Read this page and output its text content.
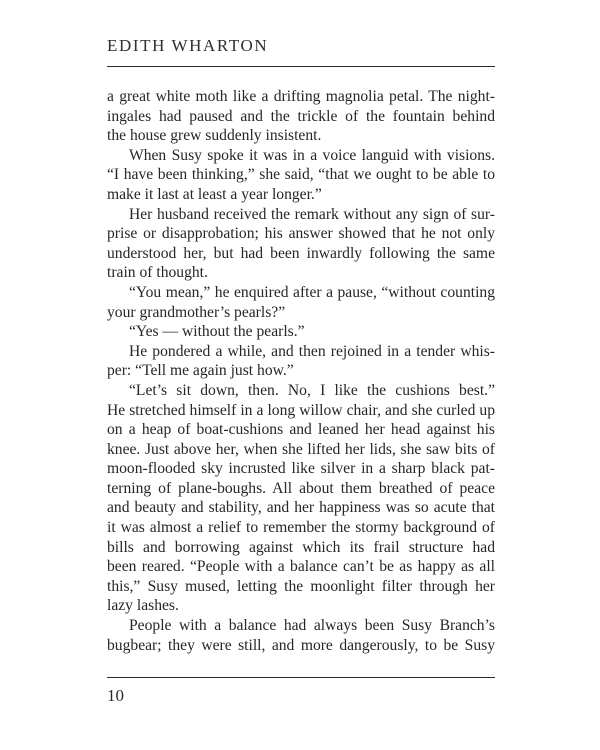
EDITH WHARTON

a great white moth like a drifting magnolia petal. The night-
ingales had paused and the trickle of the fountain behind
the house grew suddenly insistent.

When Susy spoke it was in a voice languid with visions.
“I have been thinking,” she said, “that we ought to be able to
make it last at least a year longer.”

Her husband received the remark without any sign of sur-
prise or disapprobation; his answer showed that he not only
understood her, but had been inwardly following the same
train of thought.

“You mean,” he enquired after a pause, “without counting
your grandmother’s pearls?”

“Yes — without the pearls.”

He pondered a while, and then rejoined in a tender whis-
per: “Tell me again just how.”

“Let’s sit down, then. No, I like the cushions best.”
He stretched himself in a long willow chair, and she curled up
on a heap of boat-cushions and leaned her head against his
knee. Just above her, when she lifted her lids, she saw bits of
moon-flooded sky incrusted like silver in a sharp black pat-
terning of plane-boughs. All about them breathed of peace
and beauty and stability, and her happiness was so acute that
it was almost a relief to remember the stormy background of
bills and borrowing against which its frail structure had
been reared. “People with a balance can’t be as happy as all
this,” Susy mused, letting the moonlight filter through her
lazy lashes.

People with a balance had always been Susy Branch’s
bugbear; they were still, and more dangerously, to be Susy

10
